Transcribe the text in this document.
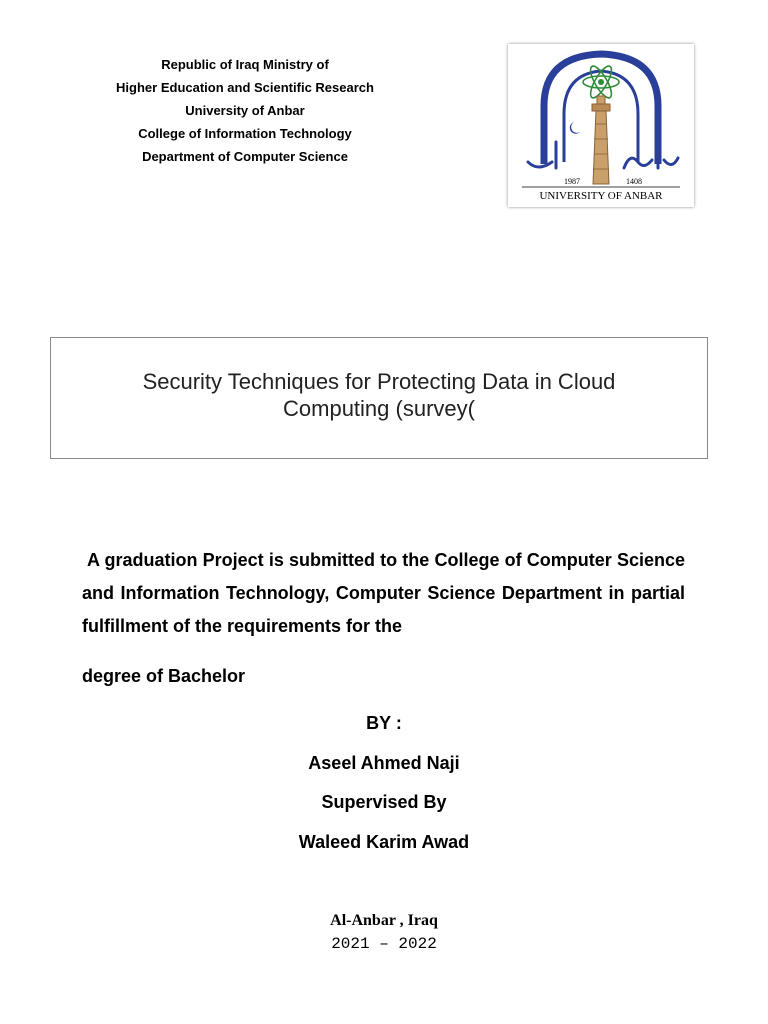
Republic of Iraq Ministry of
Higher Education and Scientific Research
University of Anbar
College of Information Technology
Department of Computer Science
1987	1408
UNIVERSITY OF ANBAR
Security Techniques for Protecting Data in Cloud
Computing (survey(
A graduation Project is submitted to the College of Computer Science and Information Technology, Computer Science Department in partial fulfillment of the requirements for the
degree of Bachelor
BY :
Aseel Ahmed Naji
Supervised By
Waleed Karim Awad
Al-Anbar , Iraq
2021 – 2022
